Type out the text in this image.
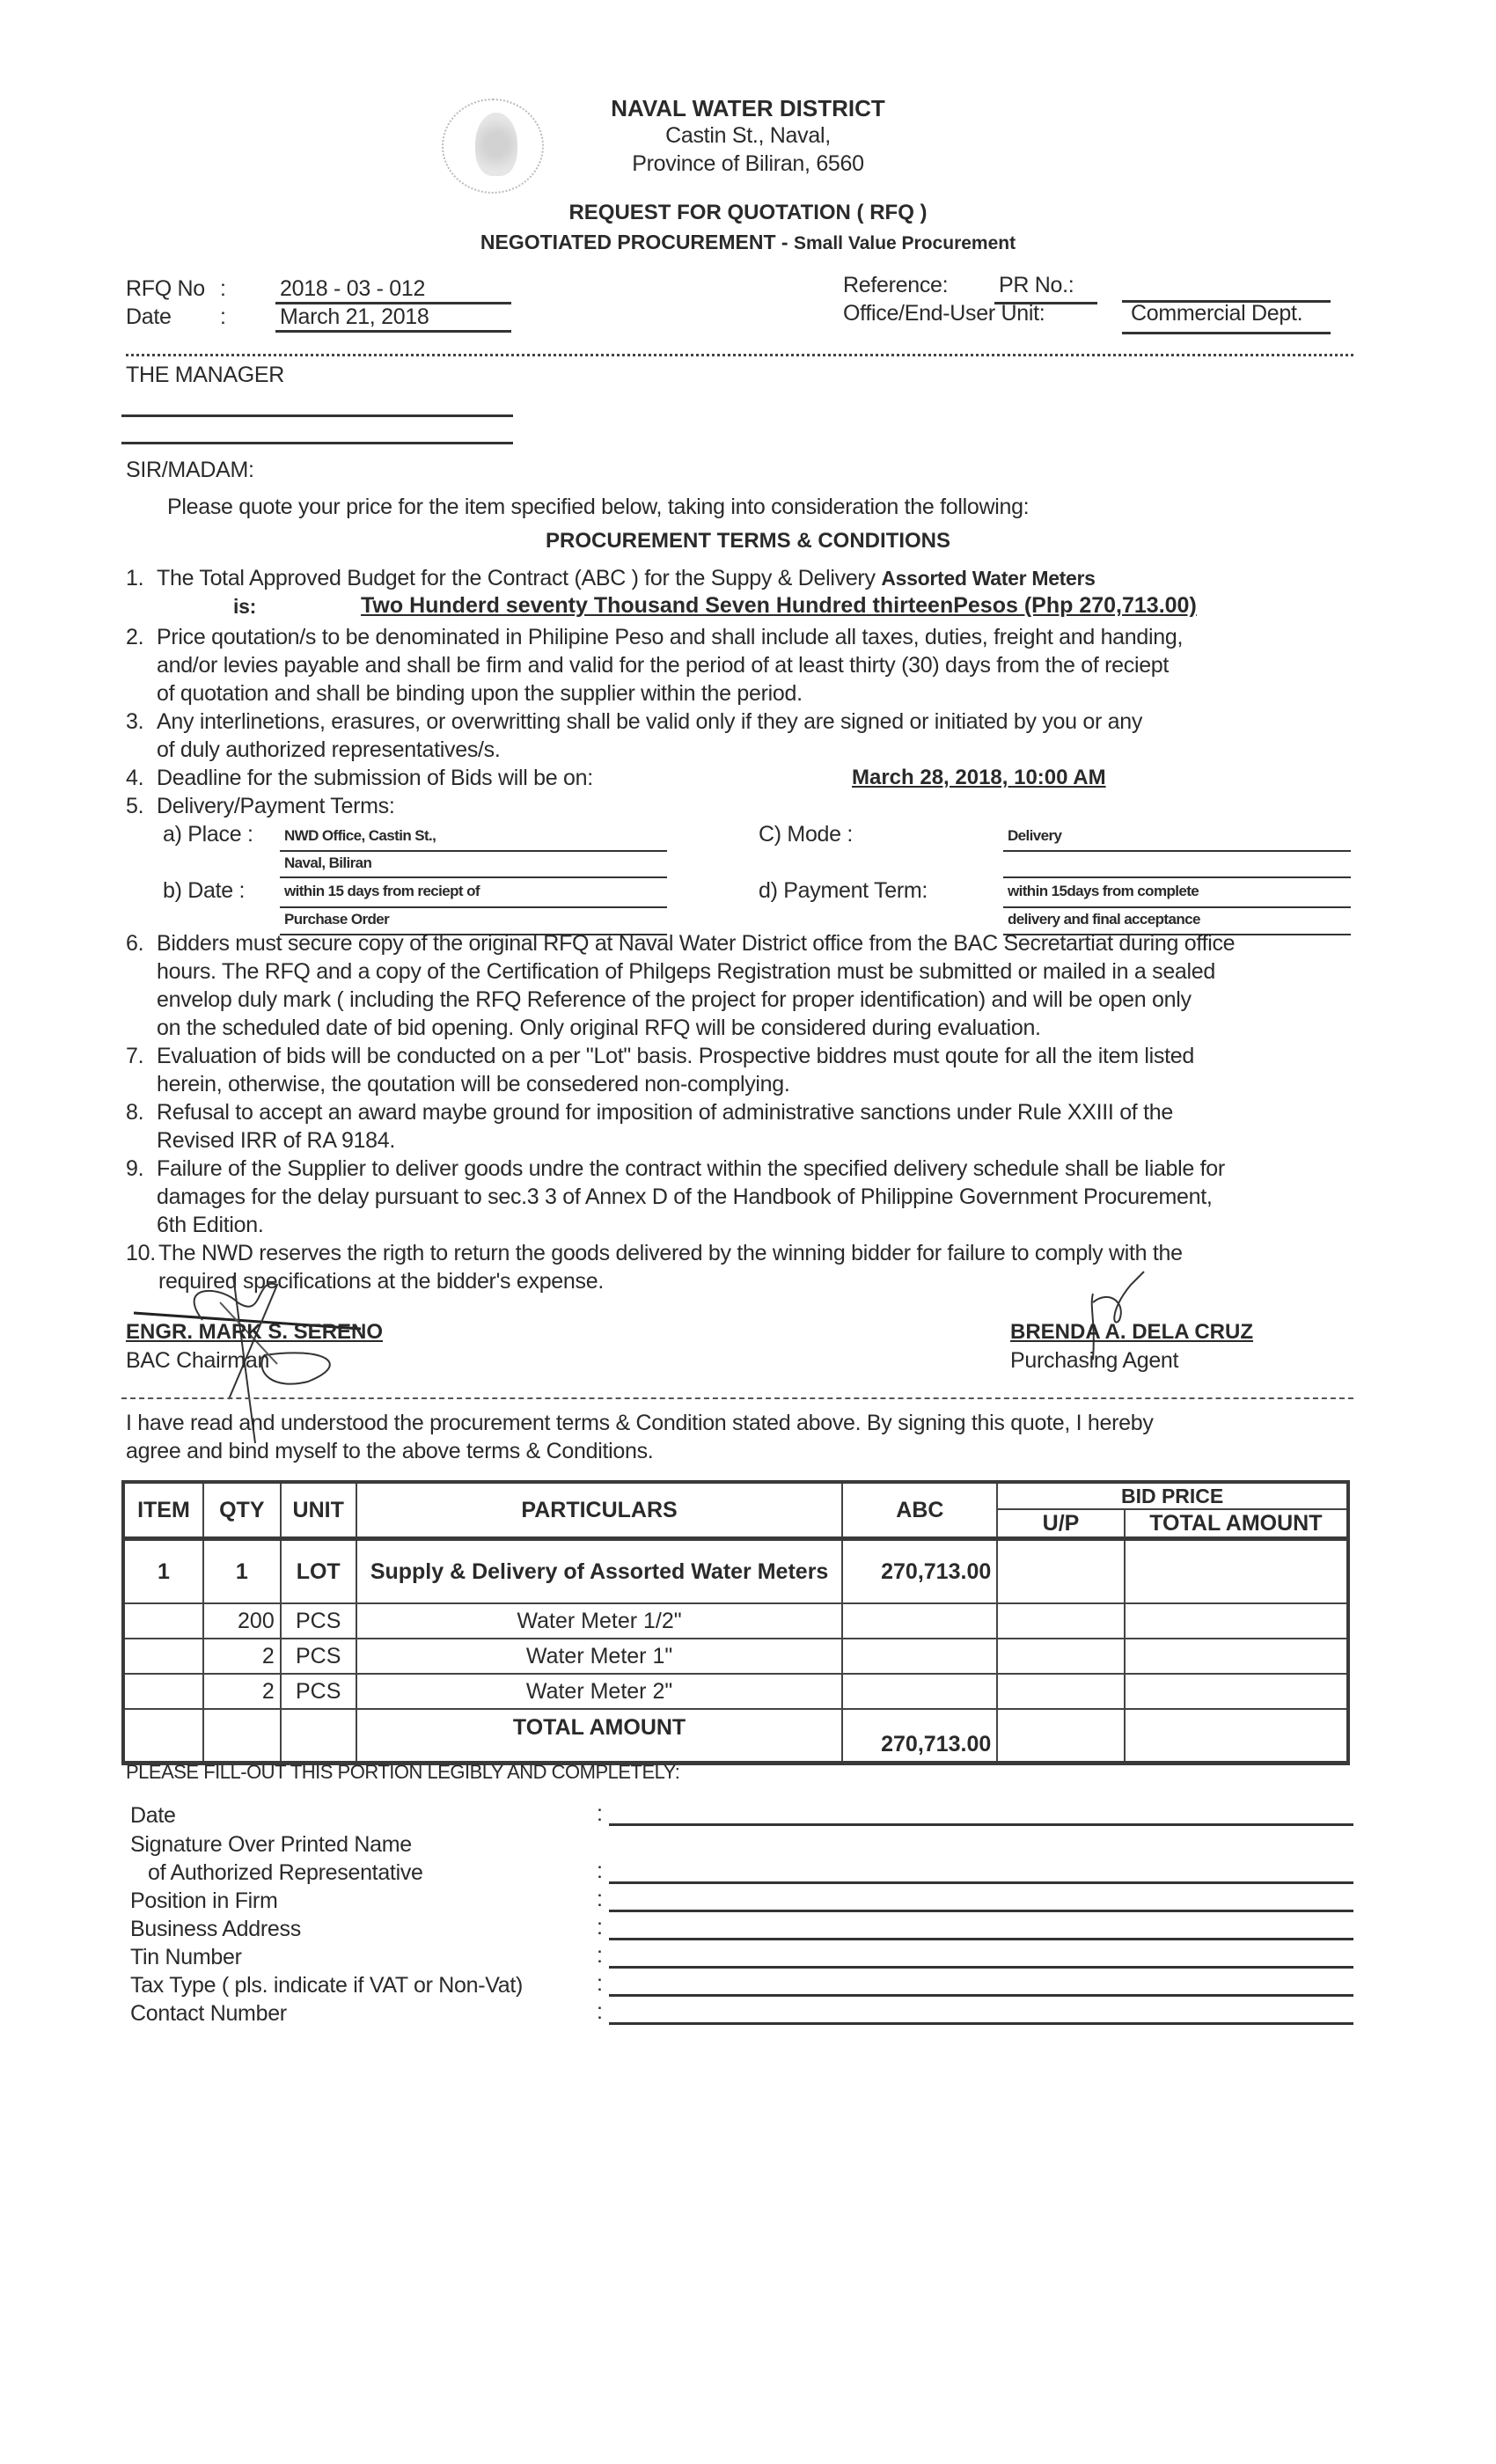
NAVAL WATER DISTRICT
Castin St., Naval,
Province of Biliran, 6560
REQUEST FOR QUOTATION ( RFQ )
NEGOTIATED PROCUREMENT - Small Value Procurement
RFQ No : 2018 - 03 - 012
Date : March 21, 2018
Reference: PR No.:
Office/End-User Unit:	Commercial Dept.
THE MANAGER
SIR/MADAM:
Please quote your price for the item specified below, taking into consideration the following:
PROCUREMENT TERMS & CONDITIONS
1. The Total Approved Budget for the Contract (ABC ) for the Suppy & Delivery Assorted Water Meters
is:	Two Hunderd seventy Thousand Seven Hundred thirteenPesos (Php 270,713.00)
2. Price qoutation/s to be denominated in Philipine Peso and shall include all taxes, duties, freight and handing,
and/or levies payable and shall be firm and valid for the period of at least thirty (30) days from the of reciept
of quotation and shall be binding upon the supplier within the period.
3. Any interlinetions, erasures, or overwritting shall be valid only if they are signed or initiated by you or any
of duly authorized representatives/s.
4. Deadline for the submission of Bids will be on:	March 28, 2018, 10:00 AM
5. Delivery/Payment Terms:
a) Place : NWD Office, Castin St.,
Naval, Biliran
b) Date :	within 15 days from reciept of
Purchase Order
C) Mode :	Delivery
d) Payment Term:	within 15days from complete
delivery and final acceptance
6. Bidders must secure copy of the original RFQ at Naval Water District office from the BAC Secretartiat during office
hours. The RFQ and a copy of the Certification of Philgeps Registration must be submitted or mailed in a sealed
envelop duly mark ( including the RFQ Reference of the project for proper identification) and will be open only
on the scheduled date of bid opening. Only original RFQ will be considered during evaluation.
7. Evaluation of bids will be conducted on a per "Lot" basis. Prospective biddres must qoute for all the item listed
herein, otherwise, the qoutation will be consedered non-complying.
8. Refusal to accept an award maybe ground for imposition of administrative sanctions under Rule XXIII of the
Revised IRR of RA 9184.
9. Failure of the Supplier to deliver goods undre the contract within the specified delivery schedule shall be liable for
damages for the delay pursuant to sec.3 3 of Annex D of the Handbook of Philippine Government Procurement,
6th Edition.
10. The NWD reserves the rigth to return the goods delivered by the winning bidder for failure to comply with the
required specifications at the bidder's expense.
ENGR. MARK S. SERENO
BAC Chairman
BRENDA A. DELA CRUZ
Purchasing Agent
I have read and understood the procurement terms & Condition stated above. By signing this quote, I hereby
agree and bind myself to the above terms & Conditions.
ITEM	QTY	UNIT	PARTICULARS	ABC	BID PRICE	
					U/P	TOTAL AMOUNT
1	1	LOT	Supply & Delivery of Assorted Water Meters	270,713.00		
	200	PCS	Water Meter 1/2"			
	2	PCS	Water Meter 1"			
	2	PCS	Water Meter 2"			
			TOTAL AMOUNT	270,713.00		
PLEASE FILL-OUT THIS PORTION LEGIBLY AND COMPLETELY:
Date	:
Signature Over Printed Name
of Authorized Representative	:
Position in Firm	:
Business Address	:
Tin Number	:
Tax Type ( pls. indicate if VAT or Non-Vat)	:
Contact Number	:
